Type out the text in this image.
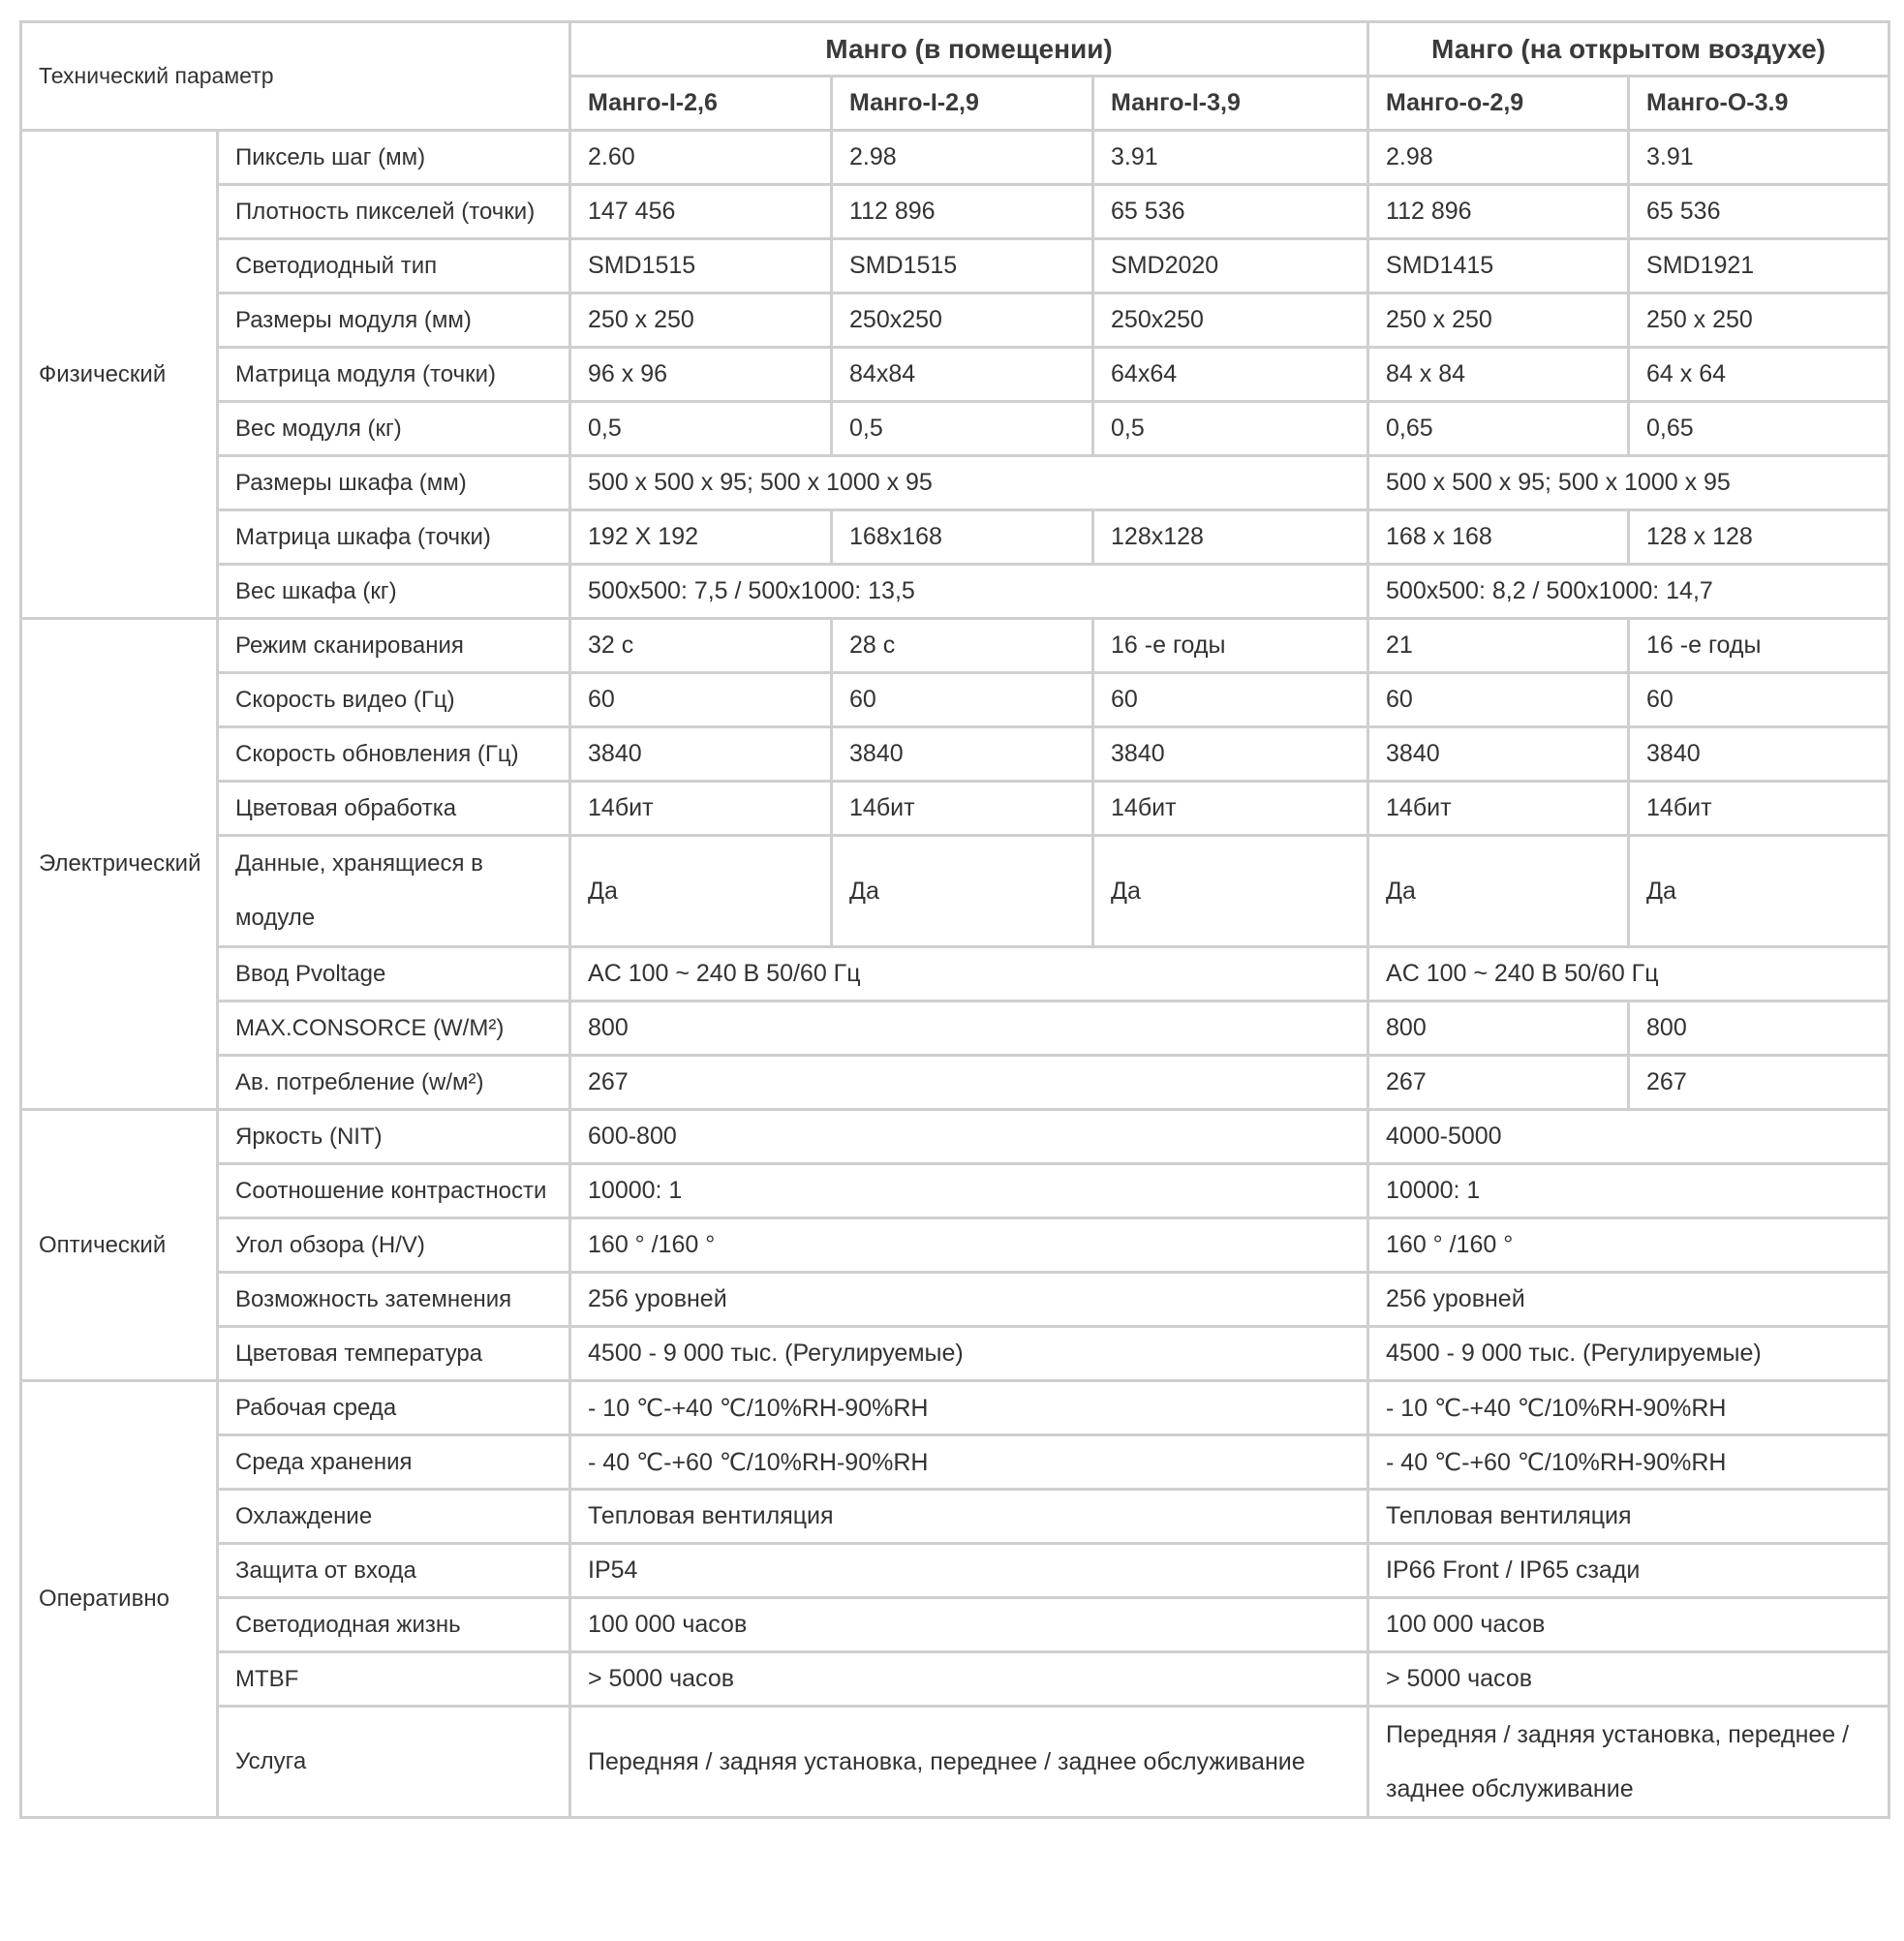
Технический параметр		Манго (в помещении)			Манго (на открытом воздухе)	
		Манго-I-2,6	Манго-I-2,9	Манго-I-3,9	Манго-о-2,9	Манго-O-3.9
Физический	Пиксель шаг (мм)	2.60	2.98	3.91	2.98	3.91
	Плотность пикселей (точки)	147 456	112 896	65 536	112 896	65 536
	Светодиодный тип	SMD1515	SMD1515	SMD2020	SMD1415	SMD1921
	Размеры модуля (мм)	250 x 250	250x250	250x250	250 x 250	250 x 250
	Матрица модуля (точки)	96 x 96	84x84	64x64	84 x 84	64 x 64
	Вес модуля (кг)	0,5	0,5	0,5	0,65	0,65
	Размеры шкафа (мм)	500 x 500 x 95; 500 x 1000 x 95			500 x 500 x 95; 500 x 1000 x 95	
	Матрица шкафа (точки)	192 X 192	168x168	128x128	168 x 168	128 x 128
	Вес шкафа (кг)	500x500: 7,5 / 500x1000: 13,5			500x500: 8,2 / 500x1000: 14,7	
Электрический	Режим сканирования	32 с	28 с	16 -е годы	21	16 -е годы
	Скорость видео (Гц)	60	60	60	60	60
	Скорость обновления (Гц)	3840	3840	3840	3840	3840
	Цветовая обработка	14бит	14бит	14бит	14бит	14бит
	Данные, хранящиеся в модуле	Да	Да	Да	Да	Да
	Ввод Pvoltage	AC 100 ~ 240 В 50/60 Гц			AC 100 ~ 240 В 50/60 Гц	
	MAX.CONSORCE (W/M²)	800			800	800
	Ав. потребление (w/м²)	267			267	267
Оптический	Яркость (NIT)	600-800			4000-5000	
	Соотношение контрастности	10000: 1			10000: 1	
	Угол обзора (H/V)	160 ° /160 °			160 ° /160 °	
	Возможность затемнения	256 уровней			256 уровней	
	Цветовая температура	4500 - 9 000 тыс. (Регулируемые)			4500 - 9 000 тыс. (Регулируемые)	
Оперативно	Рабочая среда	- 10 ℃-+40 ℃/10%RH-90%RH			- 10 ℃-+40 ℃/10%RH-90%RH	
	Среда хранения	- 40 ℃-+60 ℃/10%RH-90%RH			- 40 ℃-+60 ℃/10%RH-90%RH	
	Охлаждение	Тепловая вентиляция			Тепловая вентиляция	
	Защита от входа	IP54			IP66 Front / IP65 сзади	
	Светодиодная жизнь	100 000 часов			100 000 часов	
	MTBF	> 5000 часов			> 5000 часов	
	Услуга	Передняя / задняя установка, переднее / заднее обслуживание			Передняя / задняя установка, переднее / заднее обслуживание	
